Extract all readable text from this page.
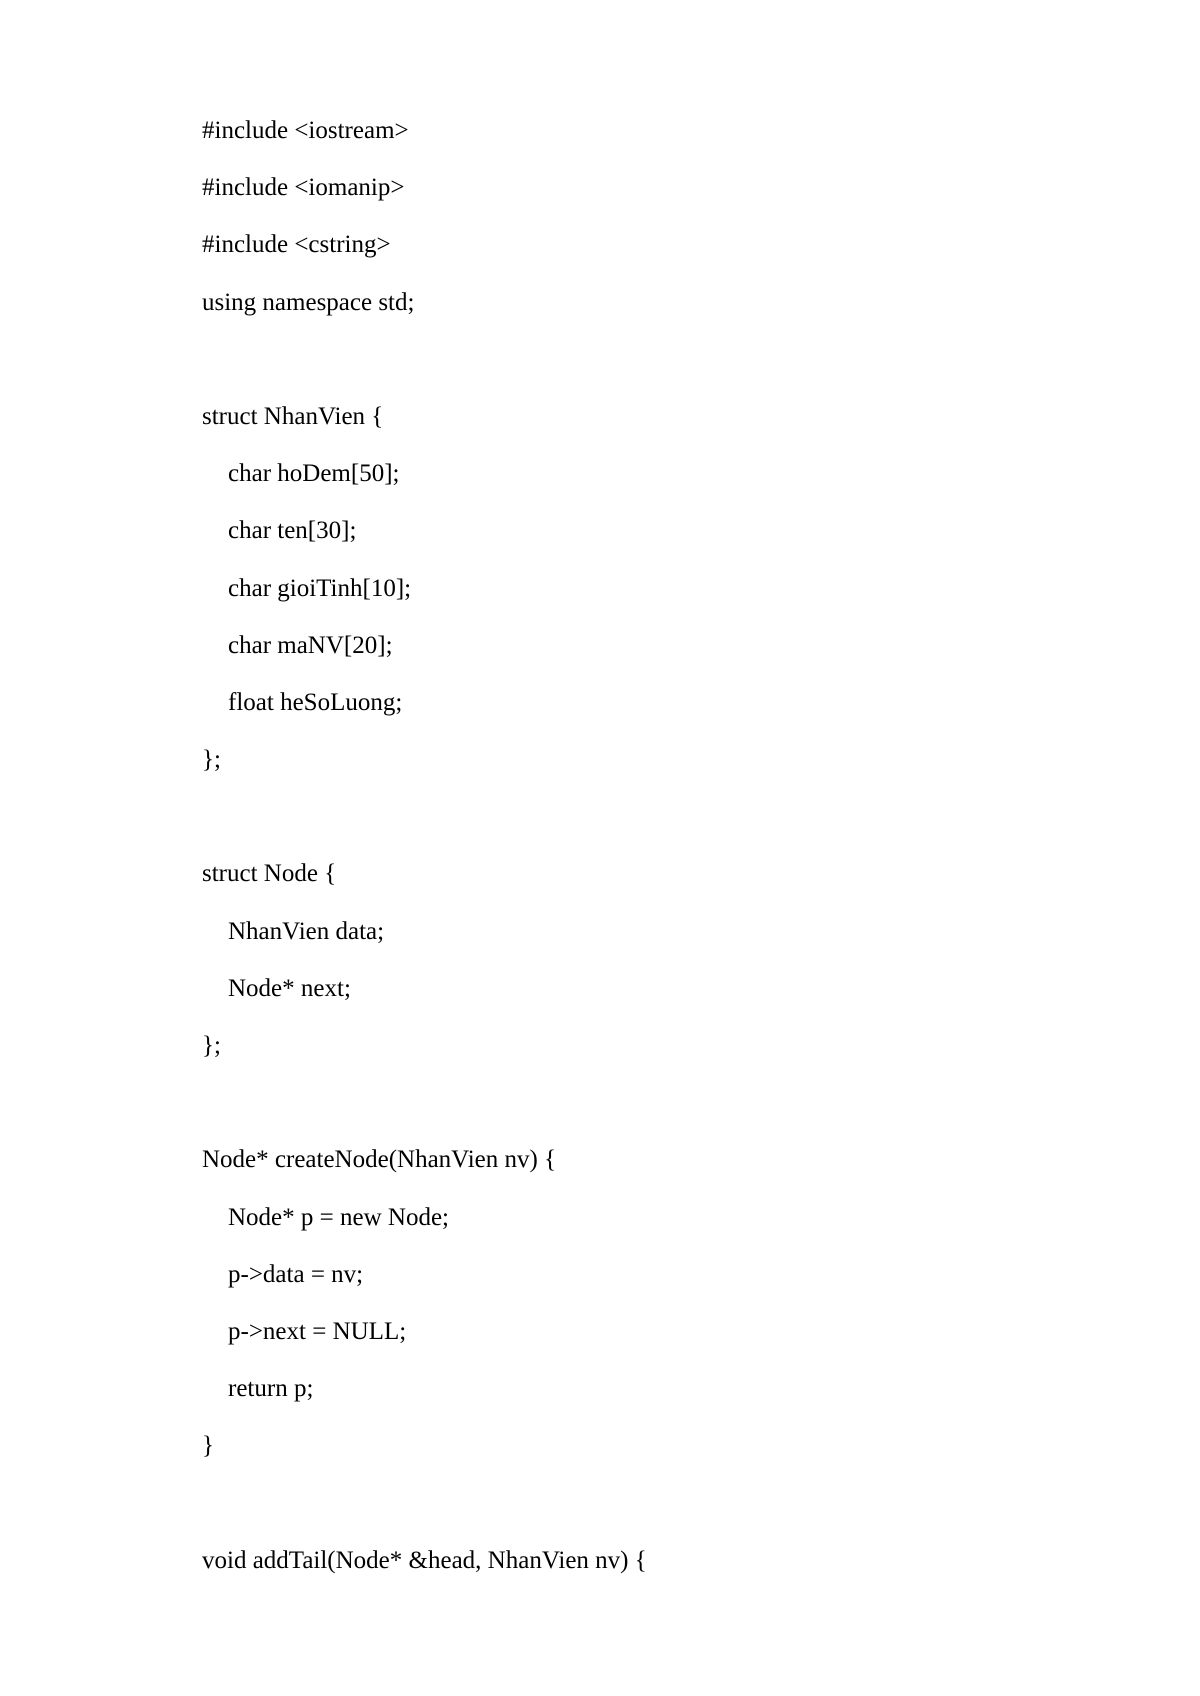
#include <iostream>
#include <iomanip>
#include <cstring>
using namespace std;
struct NhanVien {
char hoDem[50];
char ten[30];
char gioiTinh[10];
char maNV[20];
float heSoLuong;
};
struct Node {
NhanVien data;
Node* next;
};
Node* createNode(NhanVien nv) {
Node* p = new Node;
p->data = nv;
p->next = NULL;
return p;
}
void addTail(Node* &head, NhanVien nv) {
